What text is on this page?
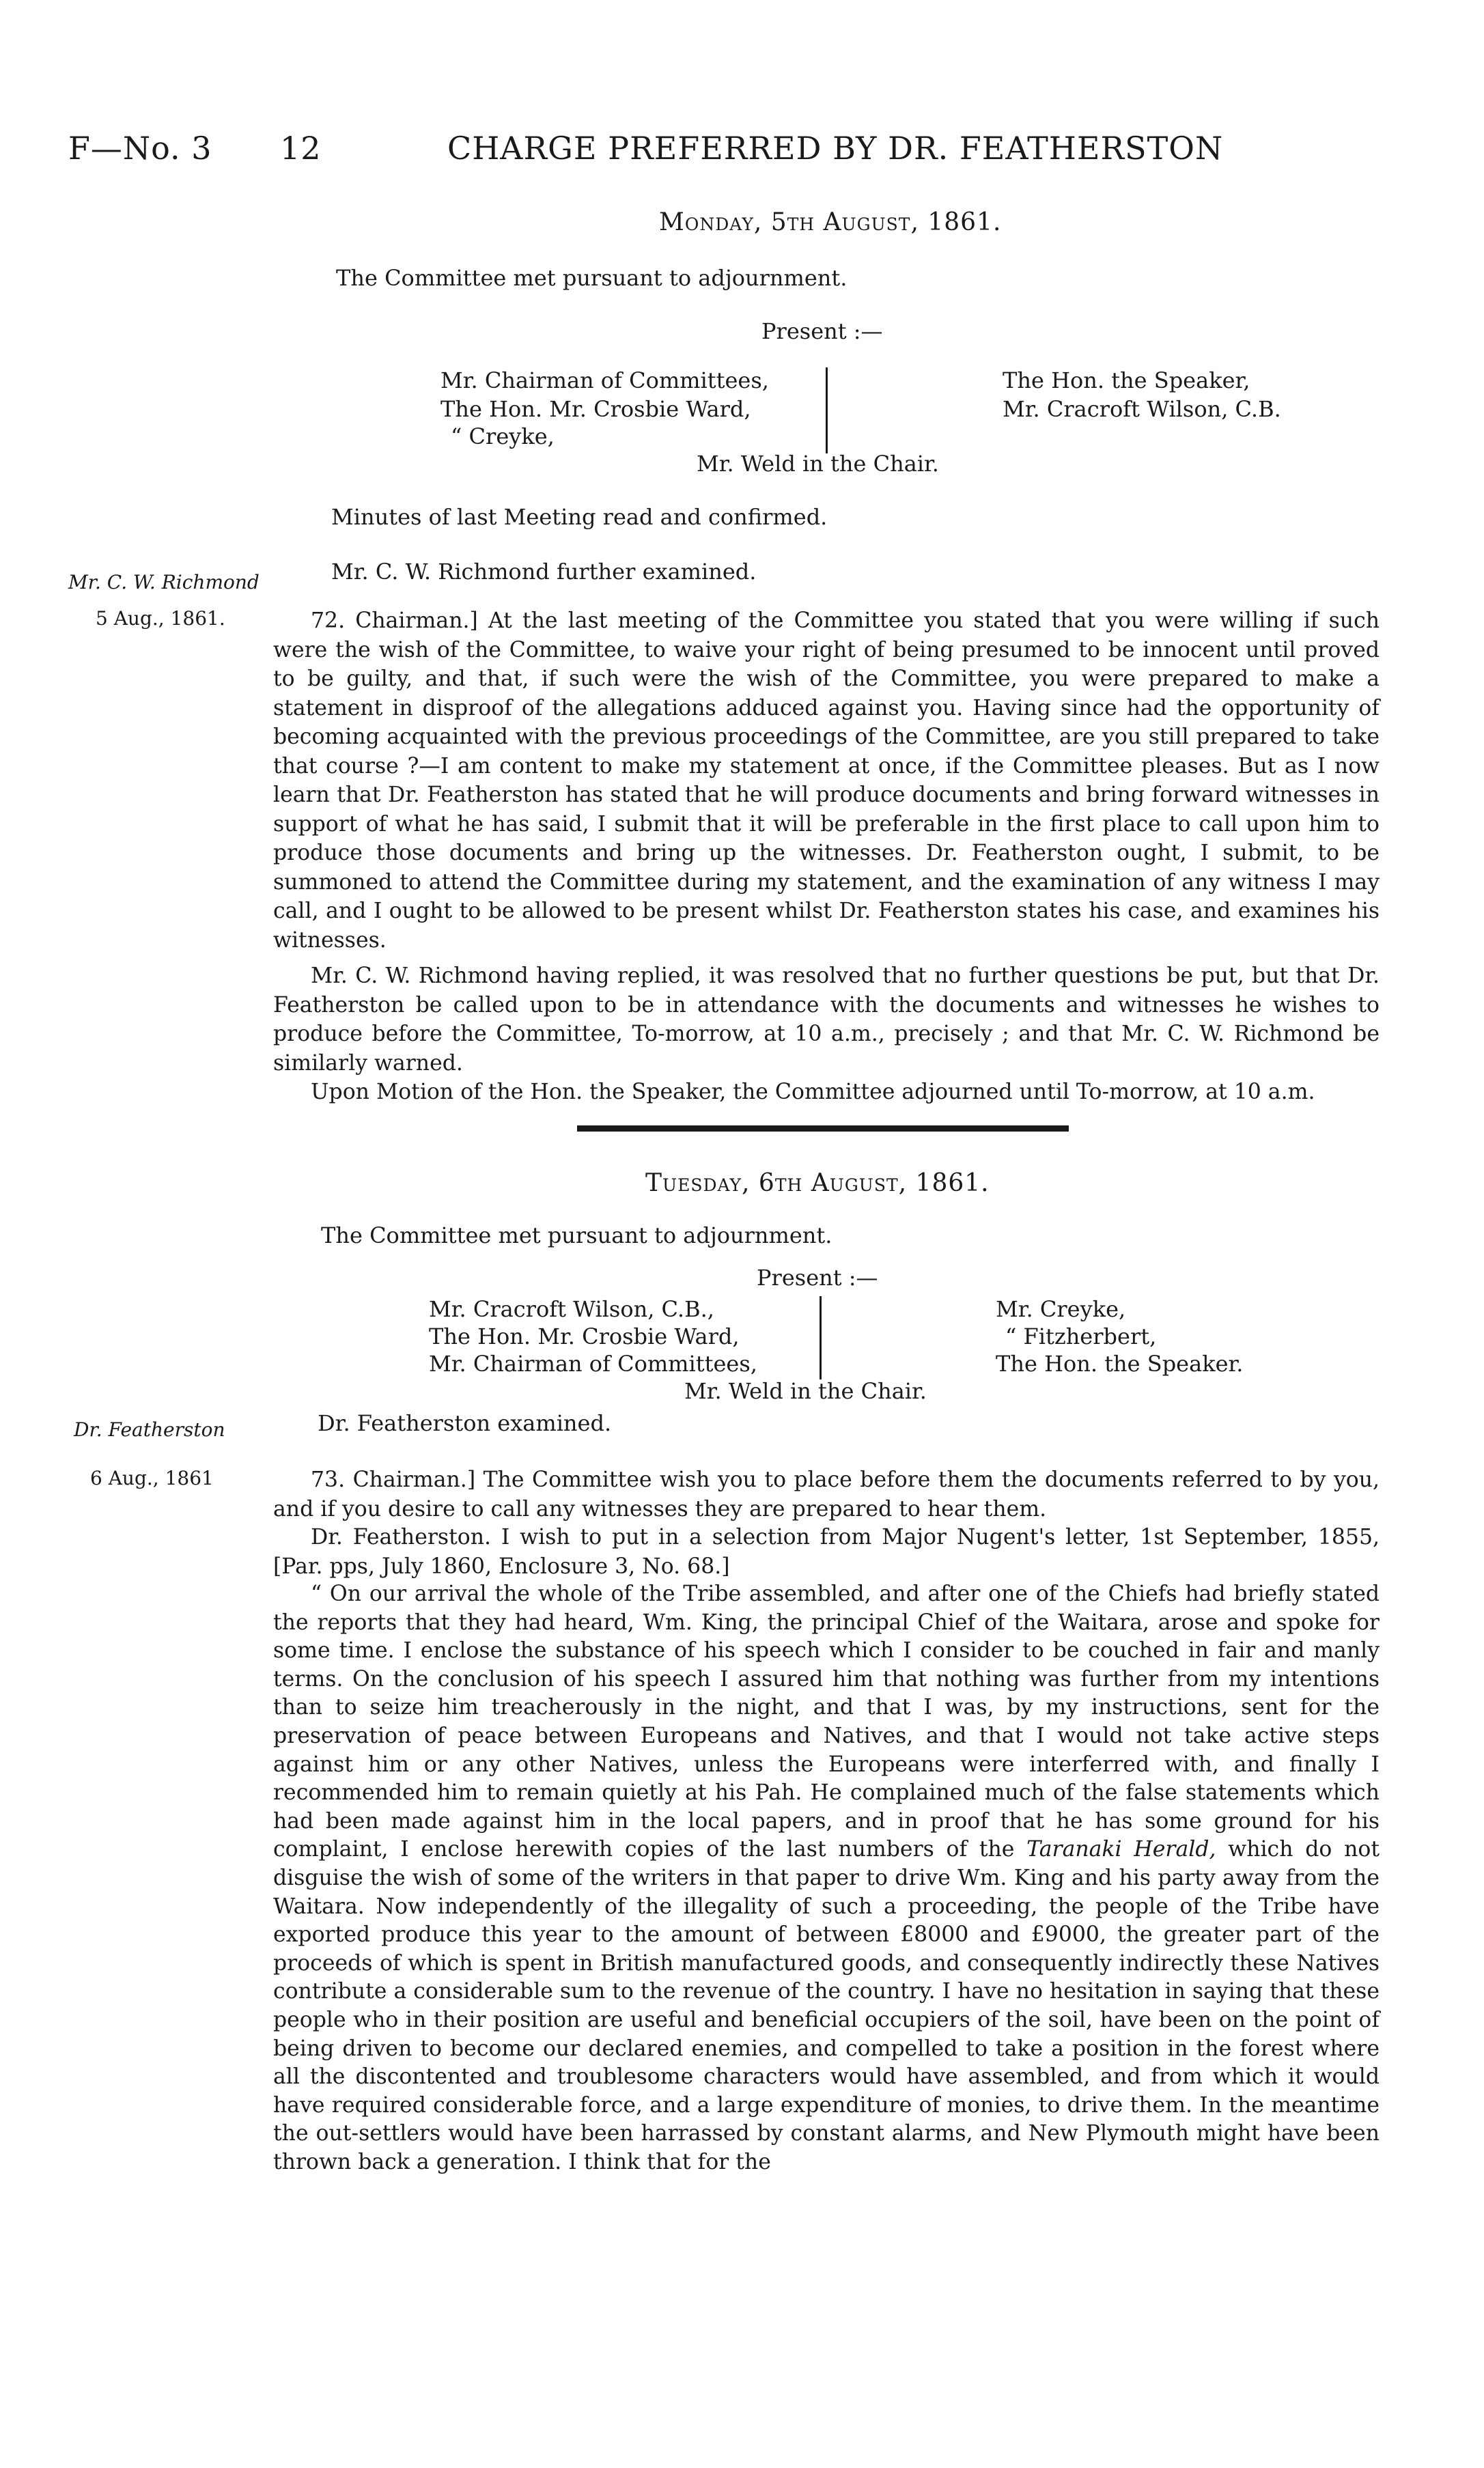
F—No. 3 12	CHARGE PREFERRED BY DR. FEATHERSTON
Monday, 5th August, 1861.
The Committee met pursuant to adjournment.
Present :—
Mr. Chairman of Committees,
The Hon. Mr. Crosbie Ward,
“ Creyke,
The Hon. the Speaker,
Mr. Cracroft Wilson, C.B.
Mr. Weld in the Chair.
Minutes of last Meeting read and confirmed.
Mr. C. W. Richmond
5 Aug., 1861.
Mr. C. W. Richmond further examined.
72. Chairman.] At the last meeting of the Committee you stated that you were willing if such were the wish of the Committee, to waive your right of being presumed to be innocent until proved to be guilty, and that, if such were the wish of the Committee, you were prepared to make a statement in disproof of the allegations adduced against you. Having since had the opportunity of becoming acquainted with the previous proceedings of the Committee, are you still prepared to take that course ?—I am content to make my statement at once, if the Committee pleases. But as I now learn that Dr. Featherston has stated that he will produce documents and bring forward witnesses in support of what he has said, I submit that it will be preferable in the first place to call upon him to produce those documents and bring up the witnesses. Dr. Featherston ought, I submit, to be summoned to attend the Committee during my statement, and the examination of any witness I may call, and I ought to be allowed to be present whilst Dr. Featherston states his case, and examines his witnesses.
Mr. C. W. Richmond having replied, it was resolved that no further questions be put, but that Dr. Featherston be called upon to be in attendance with the documents and witnesses he wishes to produce before the Committee, To-morrow, at 10 a.m., precisely ; and that Mr. C. W. Richmond be similarly warned.
Upon Motion of the Hon. the Speaker, the Committee adjourned until To-morrow, at 10 a.m.
Tuesday, 6th August, 1861.
The Committee met pursuant to adjournment.
Present :—
Mr. Cracroft Wilson, C.B.,
The Hon. Mr. Crosbie Ward,
Mr. Chairman of Committees,
Mr. Creyke,
“ Fitzherbert,
The Hon. the Speaker.
Mr. Weld in the Chair.
Dr. Featherston
6 Aug., 1861
Dr. Featherston examined.
73. Chairman.] The Committee wish you to place before them the documents referred to by you, and if you desire to call any witnesses they are prepared to hear them.
Dr. Featherston. I wish to put in a selection from Major Nugent's letter, 1st September, 1855, [Par. pps, July 1860, Enclosure 3, No. 68.]
“ On our arrival the whole of the Tribe assembled, and after one of the Chiefs had briefly stated the reports that they had heard, Wm. King, the principal Chief of the Waitara, arose and spoke for some time. I enclose the substance of his speech which I consider to be couched in fair and manly terms. On the conclusion of his speech I assured him that nothing was further from my intentions than to seize him treacherously in the night, and that I was, by my instructions, sent for the preservation of peace between Europeans and Natives, and that I would not take active steps against him or any other Natives, unless the Europeans were interferred with, and finally I recommended him to remain quietly at his Pah. He complained much of the false statements which had been made against him in the local papers, and in proof that he has some ground for his complaint, I enclose herewith copies of the last numbers of the Taranaki Herald, which do not disguise the wish of some of the writers in that paper to drive Wm. King and his party away from the Waitara. Now independently of the illegality of such a proceeding, the people of the Tribe have exported produce this year to the amount of between £8000 and £9000, the greater part of the proceeds of which is spent in British manufactured goods, and consequently indirectly these Natives contribute a considerable sum to the revenue of the country. I have no hesitation in saying that these people who in their position are useful and beneficial occupiers of the soil, have been on the point of being driven to become our declared enemies, and compelled to take a position in the forest where all the discontented and troublesome characters would have assembled, and from which it would have required considerable force, and a large expenditure of monies, to drive them. In the meantime the out-settlers would have been harrassed by constant alarms, and New Plymouth might have been thrown back a generation. I think that for the
